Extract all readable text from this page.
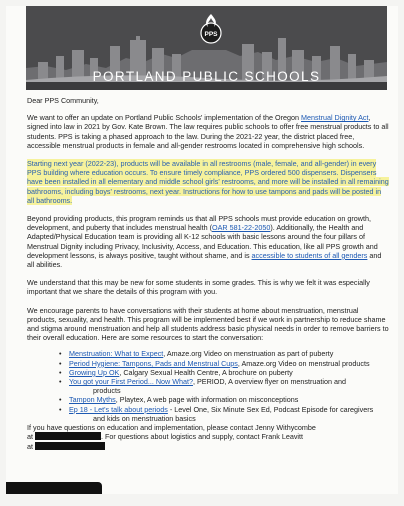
PPS
PORTLAND PUBLIC SCHOOLS

Dear PPS Community,

We want to offer an update on Portland Public Schools' implementation of the Oregon Menstrual Dignity Act, signed into law in 2021 by Gov. Kate Brown. The law requires public schools to offer free menstrual products to all students. PPS is taking a phased approach to the law. During the 2021-22 year, the district placed free, accessible menstrual products in female and all-gender restrooms located in comprehensive high schools.

Starting next year (2022-23), products will be available in all restrooms (male, female, and all-gender) in every PPS building where education occurs. To ensure timely compliance, PPS ordered 500 dispensers. Dispensers have been installed in all elementary and middle school girls' restrooms, and more will be installed in all remaining bathrooms, including boys' restrooms, next year. Instructions for how to use tampons and pads will be posted in all bathrooms.

Beyond providing products, this program reminds us that all PPS schools must provide education on growth, development, and puberty that includes menstrual health (OAR 581-22-2050). Additionally, the Health and Adapted/Physical Education team is providing all K-12 schools with basic lessons around the four pillars of Menstrual Dignity including Privacy, Inclusivity, Access, and Education. This education, like all PPS growth and development lessons, is always positive, taught without shame, and is accessible to students of all genders and all abilities.

We understand that this may be new for some students in some grades. This is why we felt it was especially important that we share the details of this program with you.

We encourage parents to have conversations with their students at home about menstruation, menstrual products, sexuality, and health. This program will be implemented best if we work in partnership to reduce shame and stigma around menstruation and help all students address basic physical needs in order to remove barriers to their overall education. Here are some resources to start the conversation:

• Menstruation: What to Expect, Amaze.org Video on menstruation as part of puberty
• Period Hygiene: Tampons, Pads and Menstrual Cups, Amaze.org Video on menstrual products
• Growing Up OK, Calgary Sexual Health Centre, A brochure on puberty
• You got your First Period... Now What?, PERIOD, A overview flyer on menstruation and
products
• Tampon Myths, Playtex, A web page with information on misconceptions
• Ep 18 - Let's talk about periods - Level One, Six Minute Sex Ed, Podcast Episode for caregivers
and kids on menstruation basics

If you have questions on education and implementation, please contact Jenny Withycombe
at	. For questions about logistics and supply, contact Frank Leavitt
at
